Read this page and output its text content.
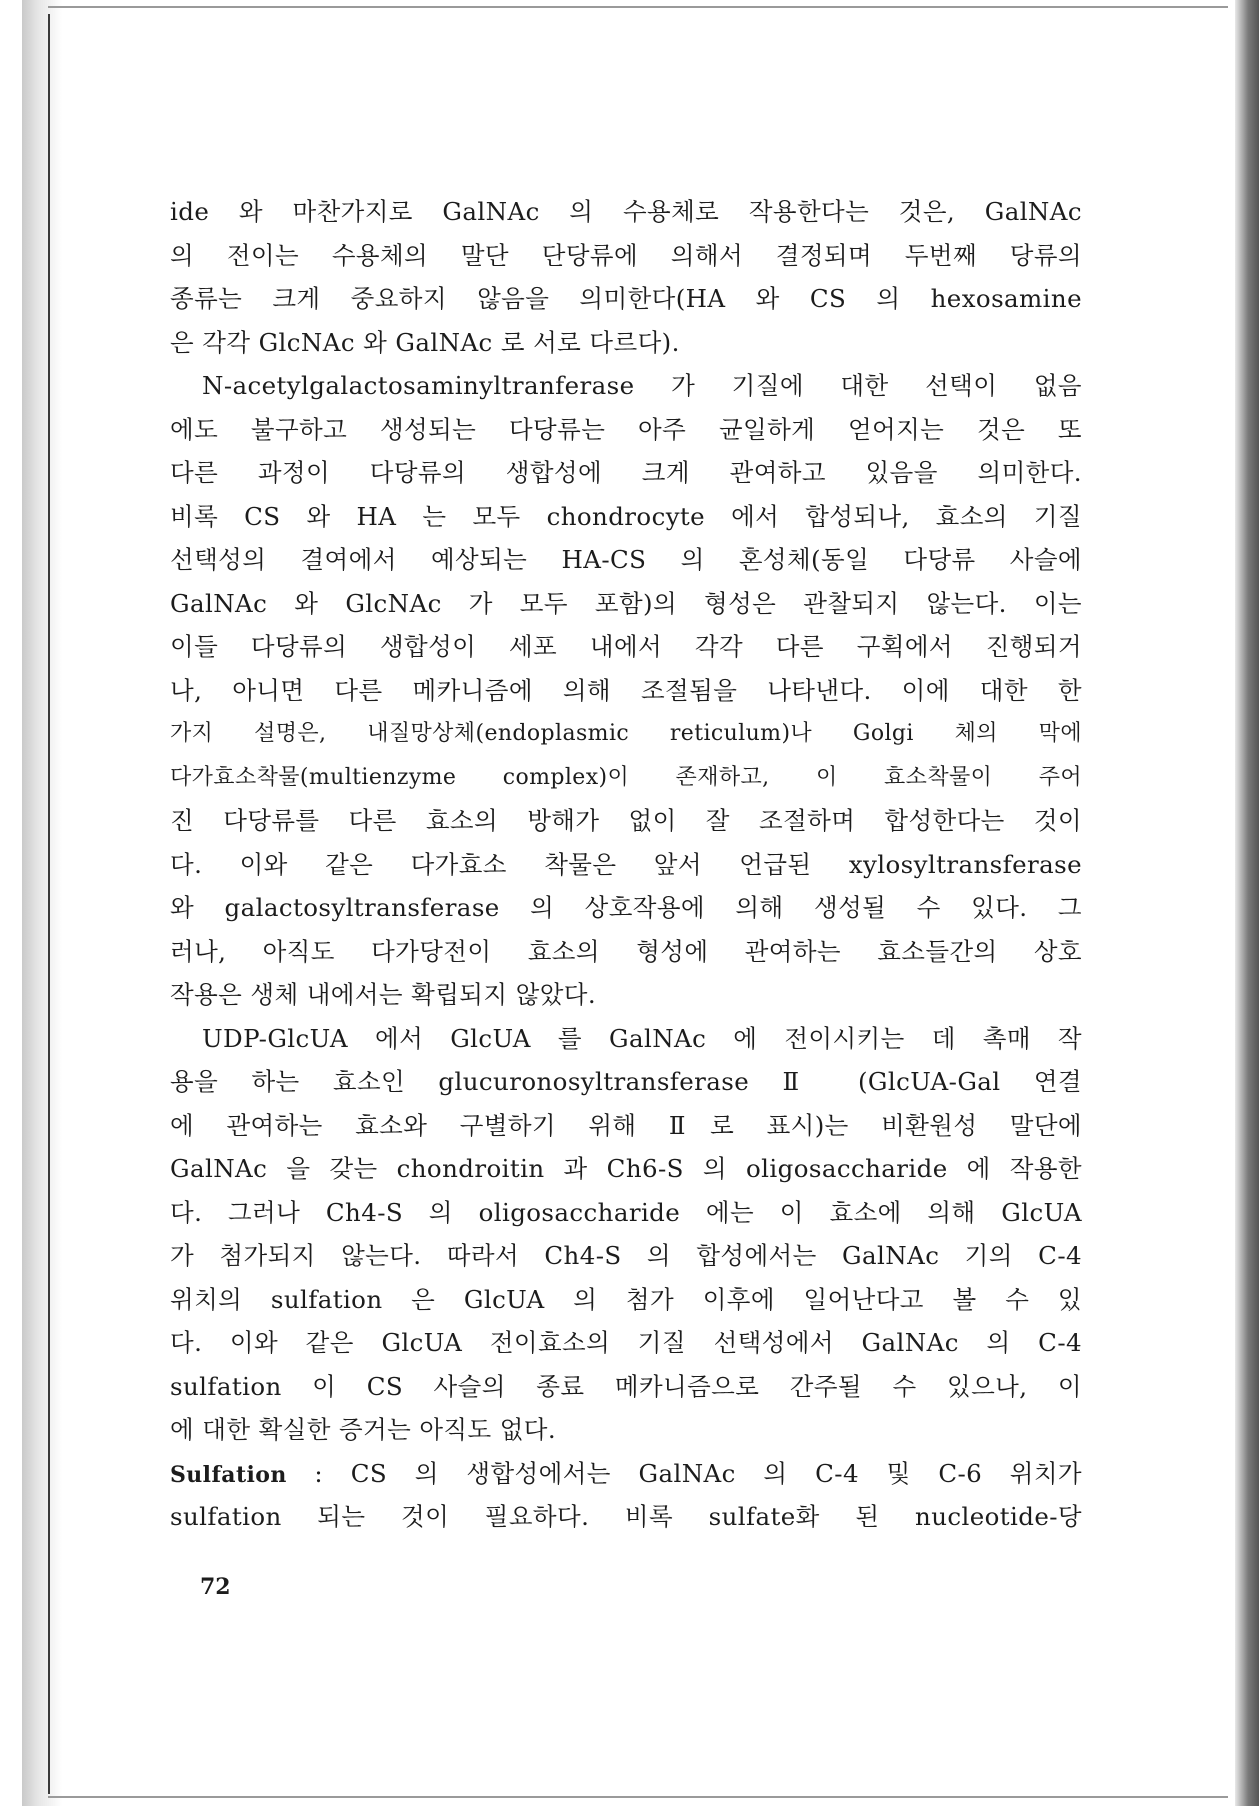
ide 와 마찬가지로 GalNAc 의 수용체로 작용한다는 것은, GalNAc
의 전이는 수용체의 말단 단당류에 의해서 결정되며 두번째 당류의
종류는 크게 중요하지 않음을 의미한다(HA 와 CS 의 hexosamine
은 각각 GlcNAc 와 GalNAc 로 서로 다르다).
N-acetylgalactosaminyltranferase 가 기질에 대한 선택이 없음
에도 불구하고 생성되는 다당류는 아주 균일하게 얻어지는 것은 또
다른 과정이 다당류의 생합성에 크게 관여하고 있음을 의미한다.
비록 CS 와 HA 는 모두 chondrocyte 에서 합성되나, 효소의 기질
선택성의 결여에서 예상되는 HA-CS 의 혼성체(동일 다당류 사슬에
GalNAc 와 GlcNAc 가 모두 포함)의 형성은 관찰되지 않는다. 이는
이들 다당류의 생합성이 세포 내에서 각각 다른 구획에서 진행되거
나, 아니면 다른 메카니즘에 의해 조절됨을 나타낸다. 이에 대한 한
가지 설명은, 내질망상체(endoplasmic reticulum)나 Golgi 체의 막에
다가효소착물(multienzyme complex)이 존재하고, 이 효소착물이 주어
진 다당류를 다른 효소의 방해가 없이 잘 조절하며 합성한다는 것이
다. 이와 같은 다가효소 착물은 앞서 언급된 xylosyltransferase
와 galactosyltransferase 의 상호작용에 의해 생성될 수 있다. 그
러나, 아직도 다가당전이 효소의 형성에 관여하는 효소들간의 상호
작용은 생체 내에서는 확립되지 않았다.
UDP-GlcUA 에서 GlcUA 를 GalNAc 에 전이시키는 데 촉매 작
용을 하는 효소인 glucuronosyltransferase Ⅱ (GlcUA-Gal 연결
에 관여하는 효소와 구별하기 위해 Ⅱ로 표시)는 비환원성 말단에
GalNAc 을 갖는 chondroitin 과 Ch6-S 의 oligosaccharide 에 작용한
다. 그러나 Ch4-S 의 oligosaccharide 에는 이 효소에 의해 GlcUA
가 첨가되지 않는다. 따라서 Ch4-S 의 합성에서는 GalNAc 기의 C-4
위치의 sulfation 은 GlcUA 의 첨가 이후에 일어난다고 볼 수 있
다. 이와 같은 GlcUA 전이효소의 기질 선택성에서 GalNAc 의 C-4
sulfation 이 CS 사슬의 종료 메카니즘으로 간주될 수 있으나, 이
에 대한 확실한 증거는 아직도 없다.
Sulfation : CS 의 생합성에서는 GalNAc 의 C-4 및 C-6 위치가
sulfation 되는 것이 필요하다. 비록 sulfate화 된 nucleotide-당
72
